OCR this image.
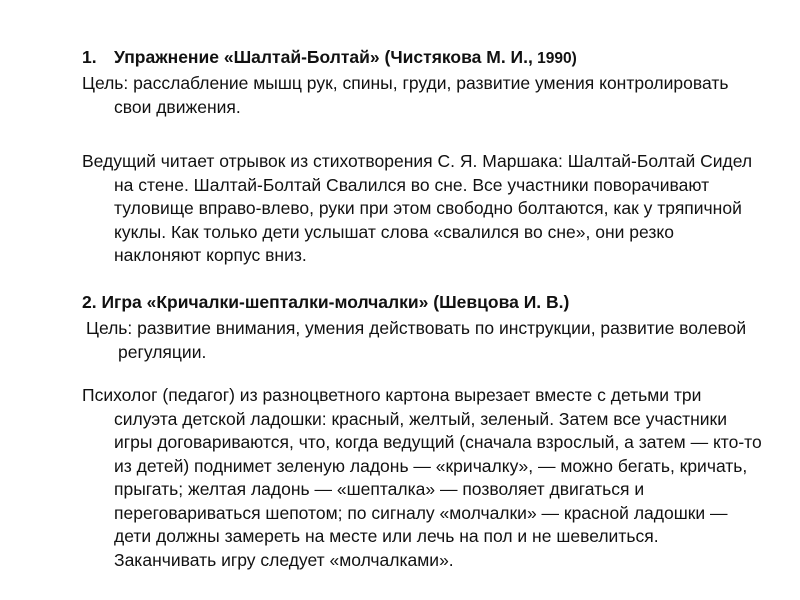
1. Упражнение «Шалтай-Болтай» (Чистякова М. И., 1990)

Цель: расслабление мышц рук, спины, груди, развитие умения контролировать свои движения.

Ведущий читает отрывок из стихотворения С. Я. Маршака: Шалтай-Болтай Сидел на стене. Шалтай-Болтай Свалился во сне. Все участники поворачивают туловище вправо-влево, руки при этом свободно болтаются, как у тряпичной куклы. Как только дети услышат слова «свалился во сне», они резко наклоняют корпус вниз.

2. Игра «Кричалки-шепталки-молчалки» (Шевцова И. В.)

Цель: развитие внимания, умения действовать по инструкции, развитие волевой регуляции.

Психолог (педагог) из разноцветного картона вырезает вместе с детьми три силуэта детской ладошки: красный, желтый, зеленый. Затем все участники игры договариваются, что, когда ведущий (сначала взрослый, а затем — кто-то из детей) поднимет зеленую ладонь — «кричалку», — можно бегать, кричать, прыгать; желтая ладонь — «шепталка» — позволяет двигаться и переговариваться шепотом; по сигналу «молчалки» — красной ладошки — дети должны замереть на месте или лечь на пол и не шевелиться. Заканчивать игру следует «молчалками».
